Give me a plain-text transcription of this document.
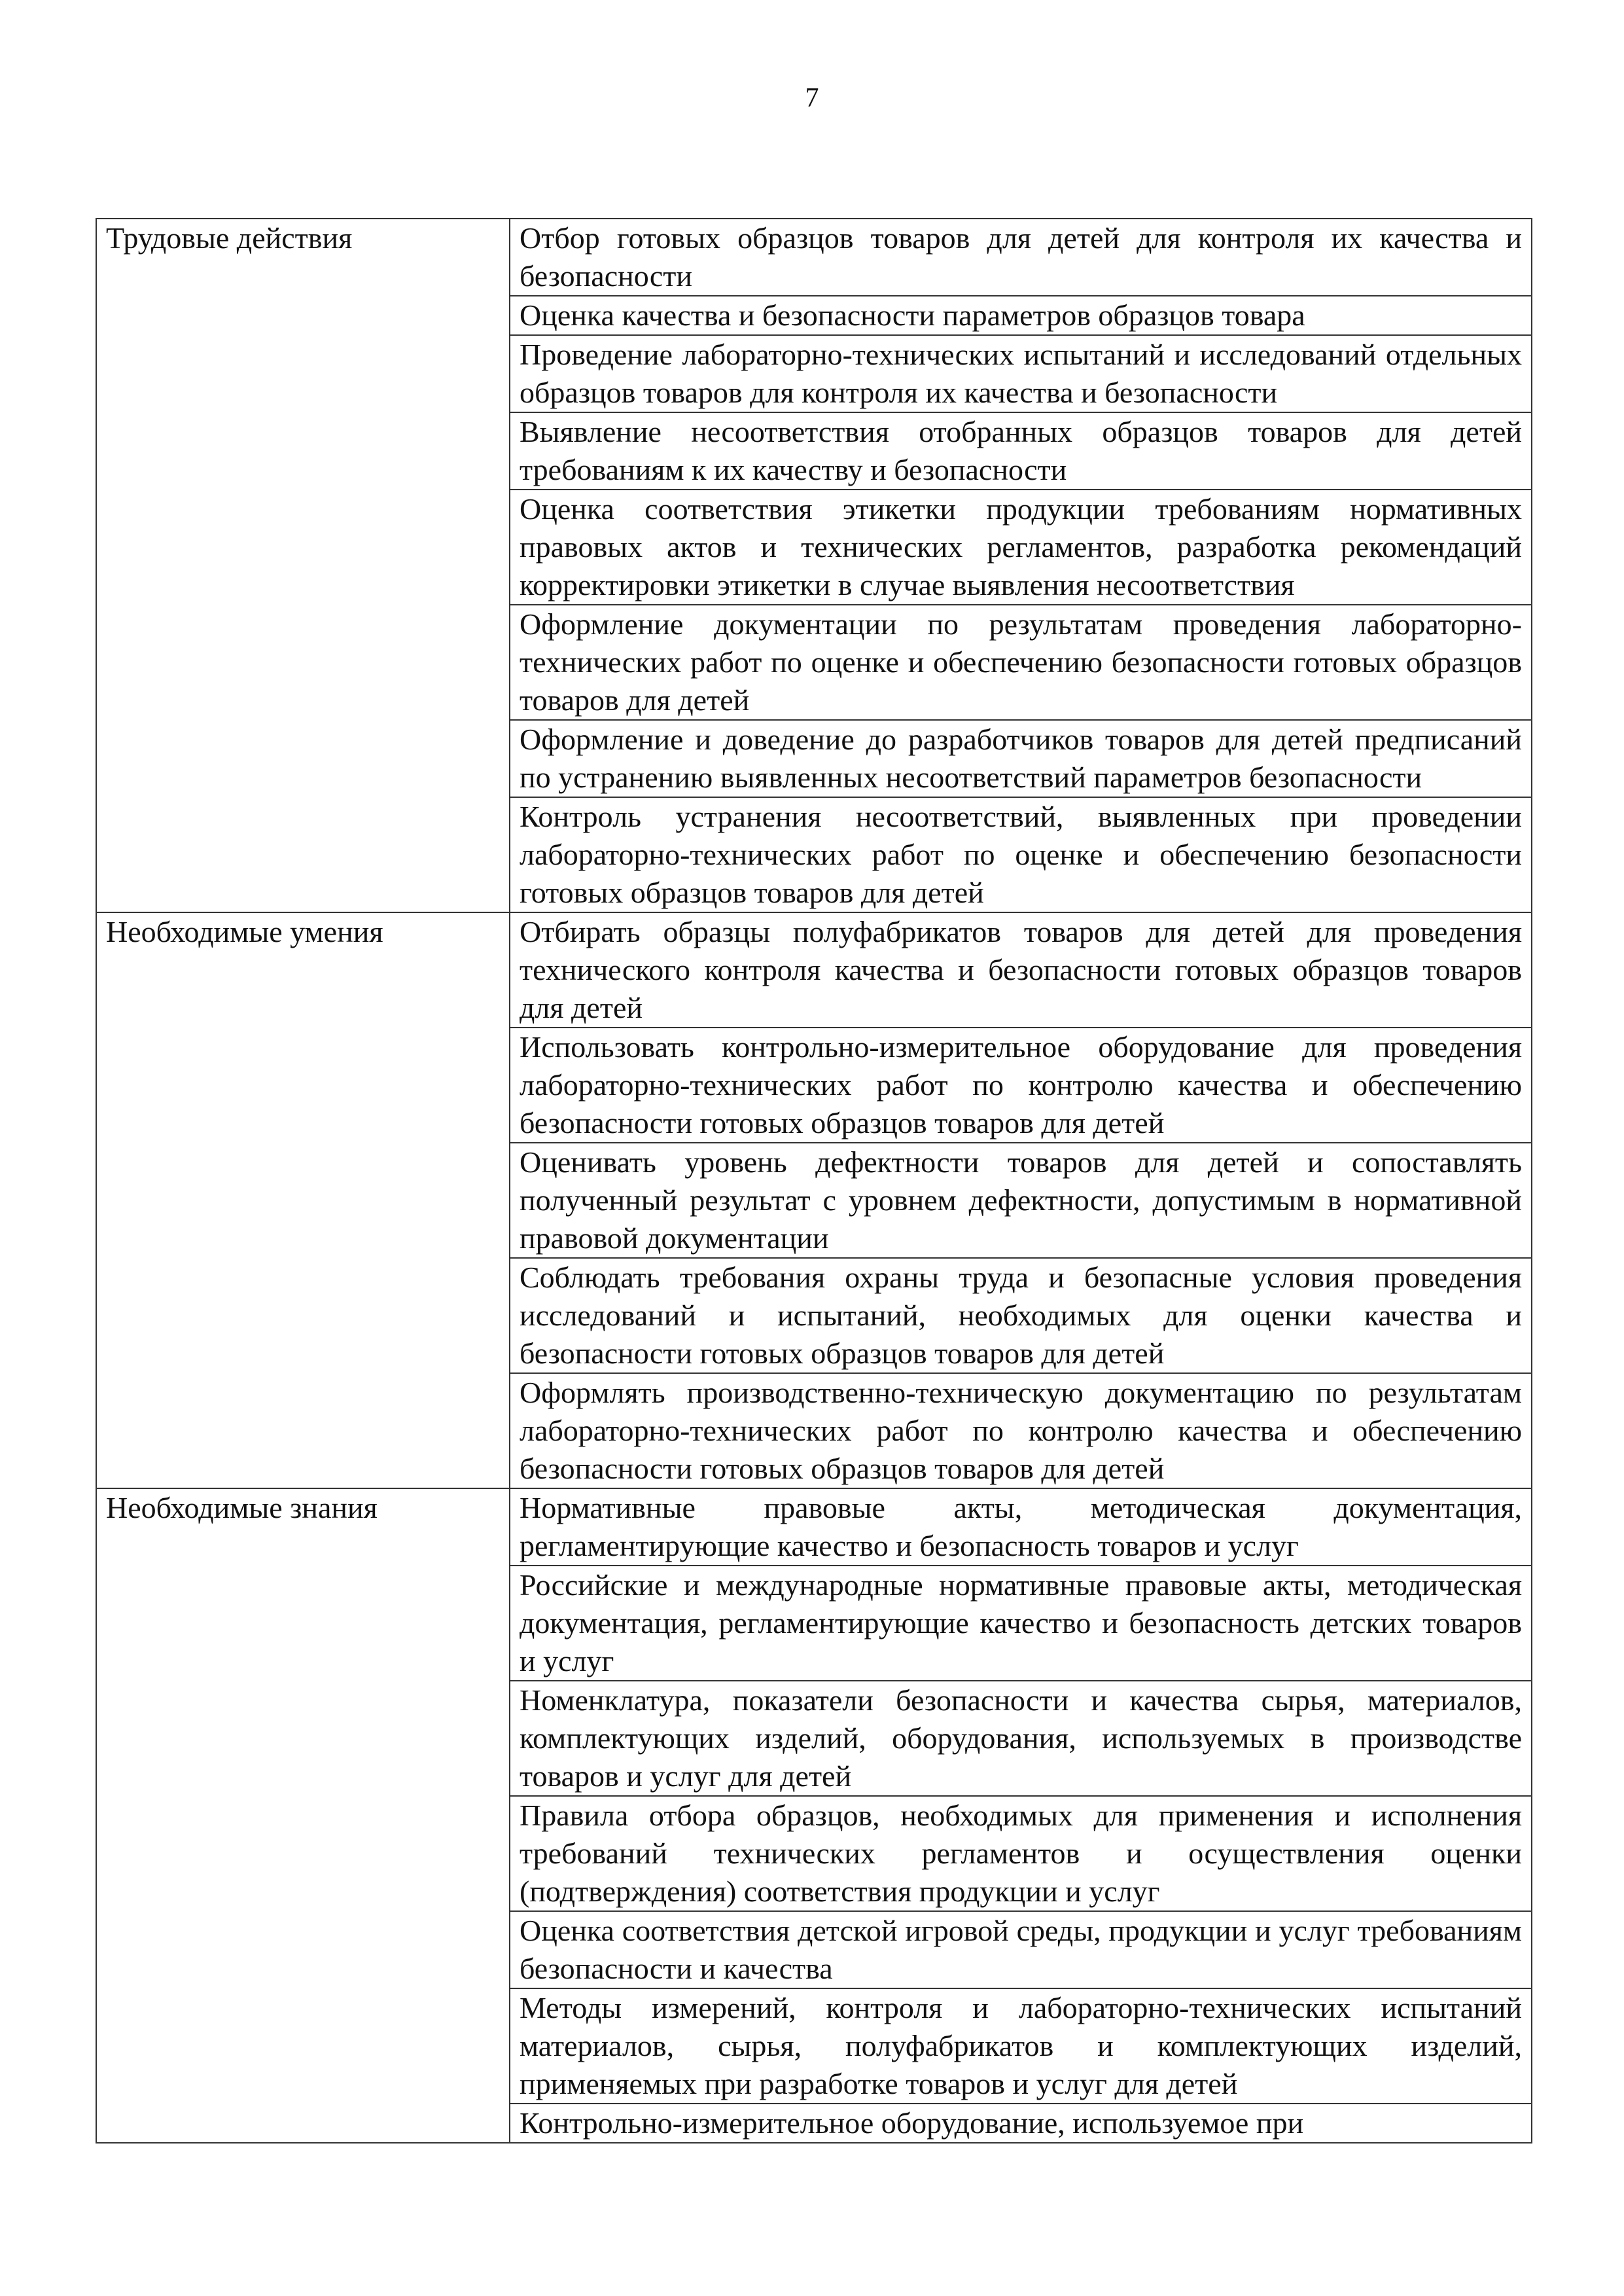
7
Трудовые действия	Отбор готовых образцов товаров для детей для контроля их качества и безопасности

	Оценка качества и безопасности параметров образцов товара

	Проведение лабораторно-технических испытаний и исследований отдельных образцов товаров для контроля их качества и безопасности

	Выявление несоответствия отобранных образцов товаров для детей требованиям к их качеству и безопасности

	Оценка соответствия этикетки продукции требованиям нормативных правовых актов и технических регламентов, разработка рекомендаций корректировки этикетки в случае выявления несоответствия

	Оформление документации по результатам проведения лабораторно-технических работ по оценке и обеспечению безопасности готовых образцов товаров для детей

	Оформление и доведение до разработчиков товаров для детей предписаний по устранению выявленных несоответствий параметров безопасности

	Контроль устранения несоответствий, выявленных при проведении лабораторно-технических работ по оценке и обеспечению безопасности готовых образцов товаров для детей

Необходимые умения	Отбирать образцы полуфабрикатов товаров для детей для проведения технического контроля качества и безопасности готовых образцов товаров для детей

	Использовать контрольно-измерительное оборудование для проведения лабораторно-технических работ по контролю качества и обеспечению безопасности готовых образцов товаров для детей

	Оценивать уровень дефектности товаров для детей и сопоставлять полученный результат с уровнем дефектности, допустимым в нормативной правовой документации

	Соблюдать требования охраны труда и безопасные условия проведения исследований и испытаний, необходимых для оценки качества и безопасности готовых образцов товаров для детей

	Оформлять производственно-техническую документацию по результатам лабораторно-технических работ по контролю качества и обеспечению безопасности готовых образцов товаров для детей

Необходимые знания	Нормативные правовые акты, методическая документация, регламентирующие качество и безопасность товаров и услуг

	Российские и международные нормативные правовые акты, методическая документация, регламентирующие качество и безопасность детских товаров и услуг

	Номенклатура, показатели безопасности и качества сырья, материалов, комплектующих изделий, оборудования, используемых в производстве товаров и услуг для детей

	Правила отбора образцов, необходимых для применения и исполнения требований технических регламентов и осуществления оценки (подтверждения) соответствия продукции и услуг

	Оценка соответствия детской игровой среды, продукции и услуг требованиям безопасности и качества

	Методы измерений, контроля и лабораторно-технических испытаний материалов, сырья, полуфабрикатов и комплектующих изделий, применяемых при разработке товаров и услуг для детей

	Контрольно-измерительное оборудование, используемое при
